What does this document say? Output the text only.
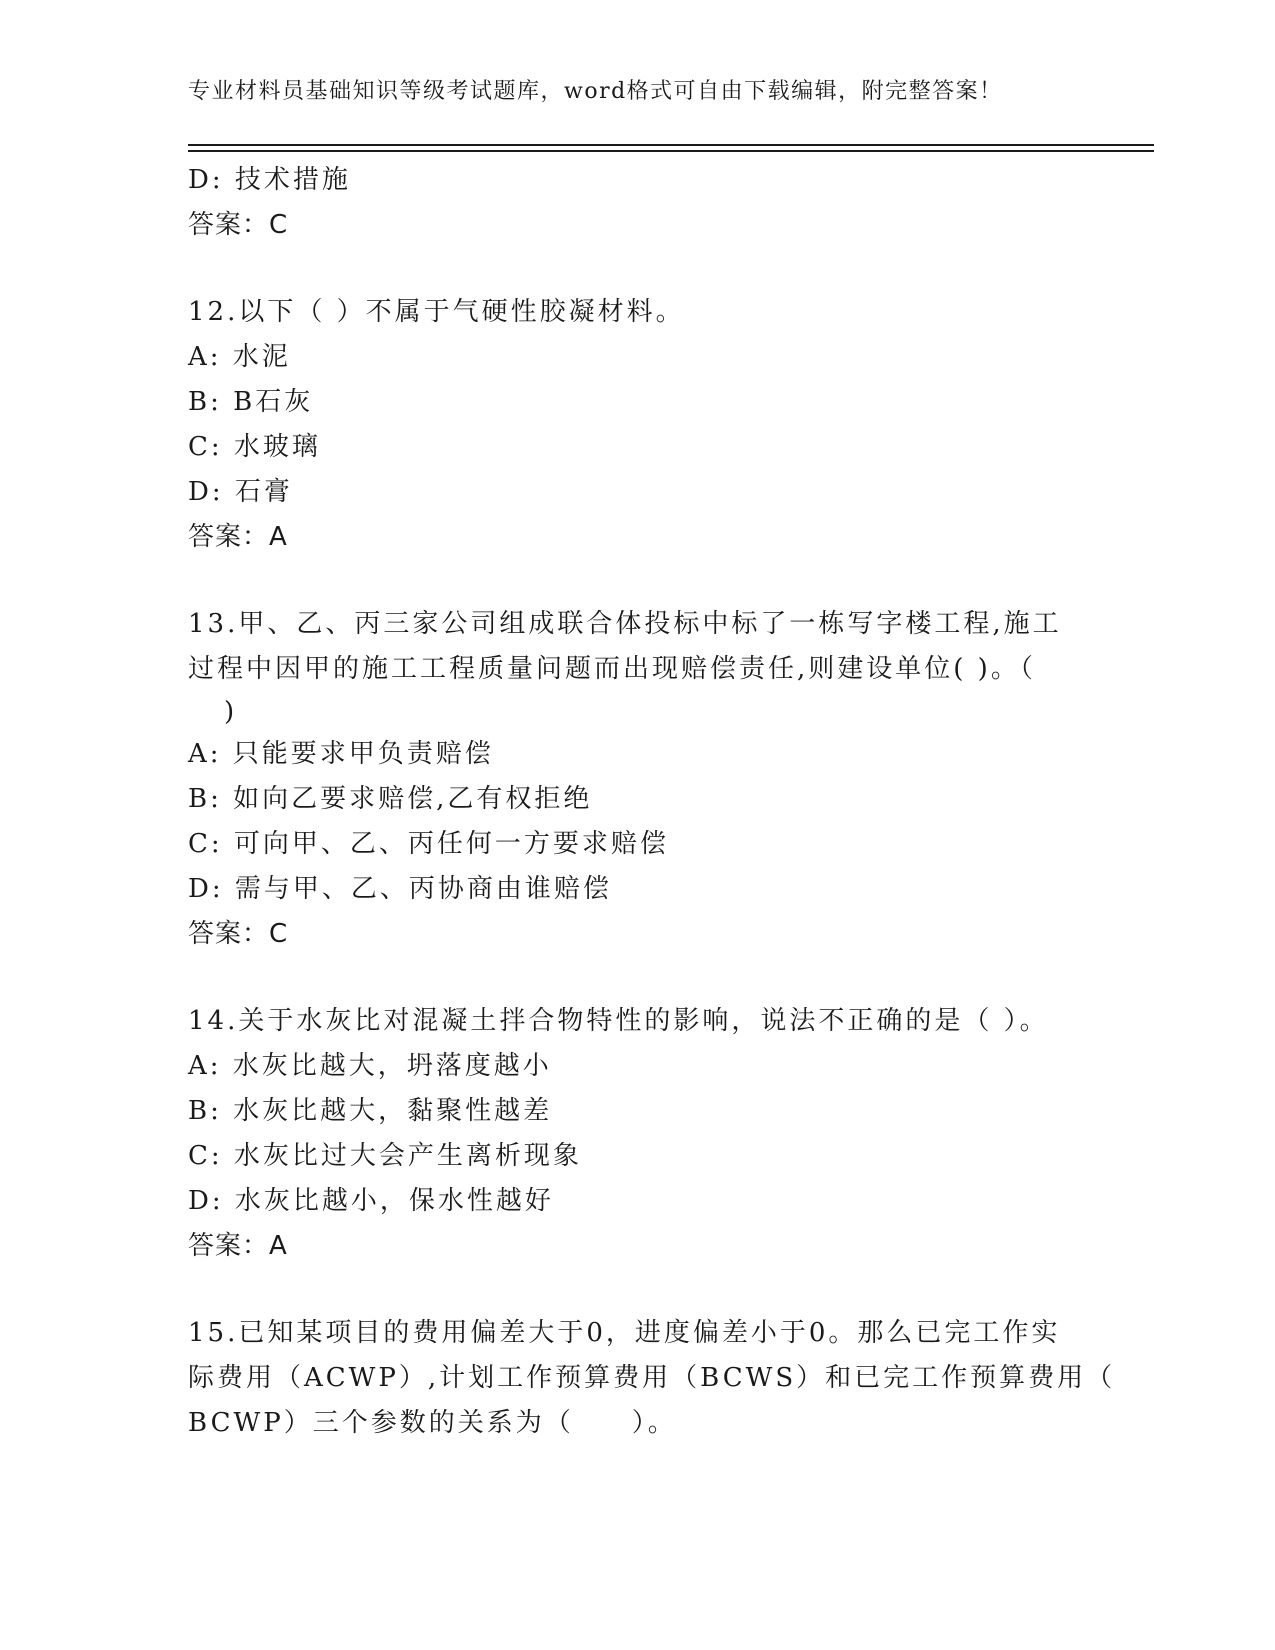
专业材料员基础知识等级考试题库，word格式可自由下载编辑，附完整答案！
D: 技术措施
答案：C
12.以下（ ）不属于气硬性胶凝材料。
A: 水泥
B: B石灰
C: 水玻璃
D: 石膏
答案：A
13.甲、乙、丙三家公司组成联合体投标中标了一栋写字楼工程,施工
过程中因甲的施工工程质量问题而出现赔偿责任,则建设单位( )。（
)
A: 只能要求甲负责赔偿
B: 如向乙要求赔偿,乙有权拒绝
C: 可向甲、乙、丙任何一方要求赔偿
D: 需与甲、乙、丙协商由谁赔偿
答案：C
14.关于水灰比对混凝土拌合物特性的影响，说法不正确的是（ ）。
A: 水灰比越大，坍落度越小
B: 水灰比越大，黏聚性越差
C: 水灰比过大会产生离析现象
D: 水灰比越小，保水性越好
答案：A
15.已知某项目的费用偏差大于0，进度偏差小于0。那么已完工作实
际费用（ACWP）,计划工作预算费用（BCWS）和已完工作预算费用（
BCWP）三个参数的关系为（　　）。
